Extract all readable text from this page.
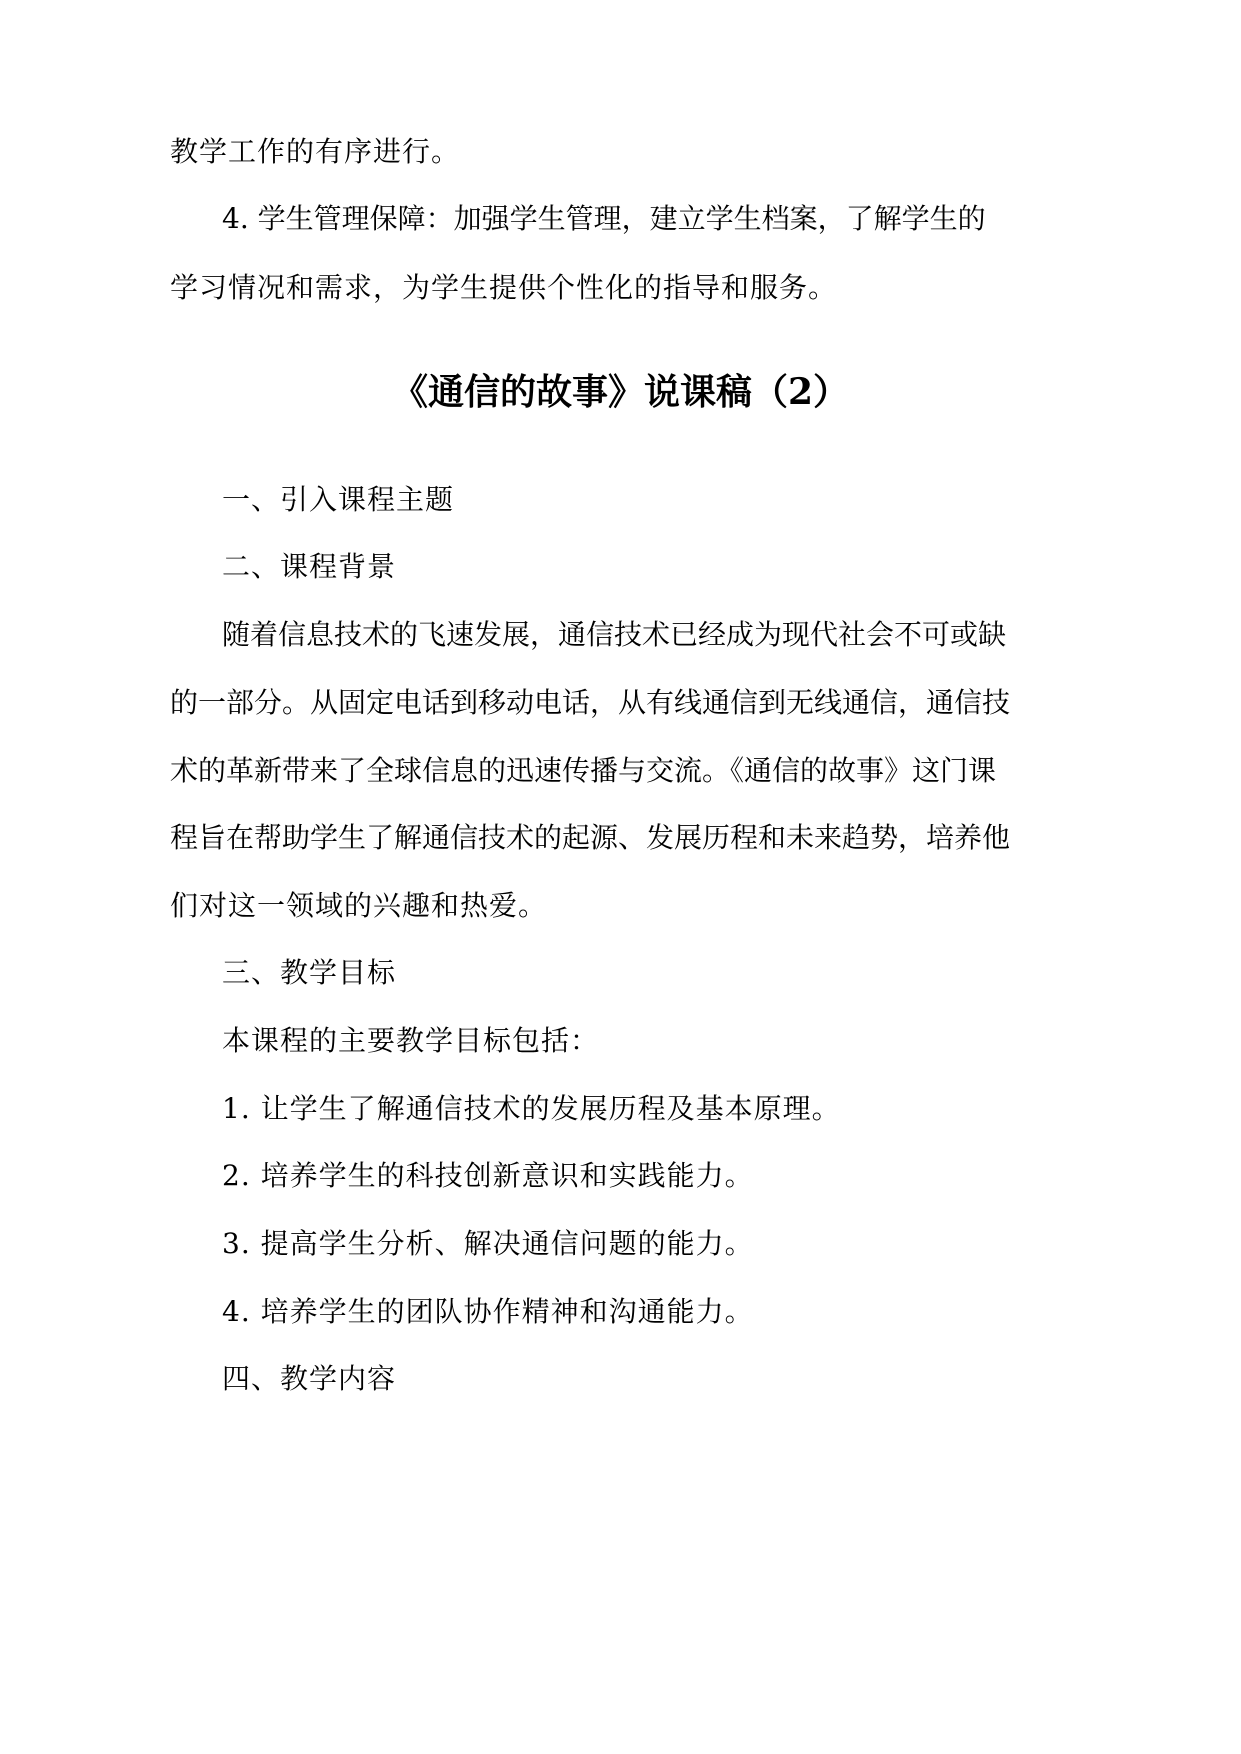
教学工作的有序进行。
4. 学生管理保障：加强学生管理，建立学生档案，了解学生的
学习情况和需求，为学生提供个性化的指导和服务。
《通信的故事》说课稿（2）
一、引入课程主题
二、课程背景
随着信息技术的飞速发展，通信技术已经成为现代社会不可或缺
的一部分。从固定电话到移动电话，从有线通信到无线通信，通信技
术的革新带来了全球信息的迅速传播与交流。《通信的故事》这门课
程旨在帮助学生了解通信技术的起源、发展历程和未来趋势，培养他
们对这一领域的兴趣和热爱。
三、教学目标
本课程的主要教学目标包括：
1. 让学生了解通信技术的发展历程及基本原理。
2. 培养学生的科技创新意识和实践能力。
3. 提高学生分析、解决通信问题的能力。
4. 培养学生的团队协作精神和沟通能力。
四、教学内容
